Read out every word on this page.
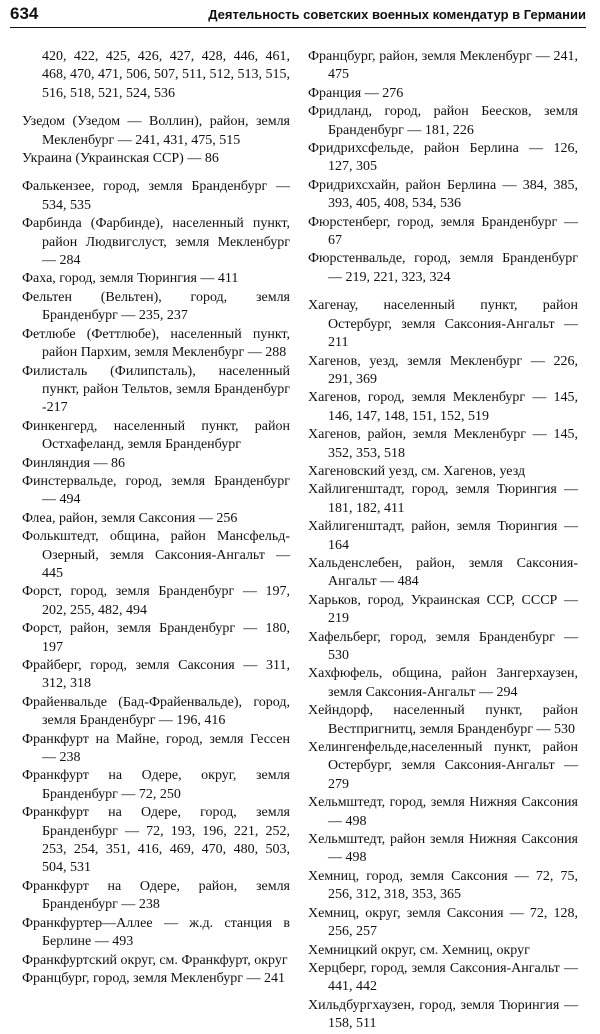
634	Деятельность советских военных комендатур в Германии

420, 422, 425, 426, 427, 428, 446, 461, 468, 470, 471, 506, 507, 511, 512, 513, 515, 516, 518, 521, 524, 536

Узедом (Узедом — Воллин), район, земля Мекленбург — 241, 431, 475, 515

Украина (Украинская ССР) — 86

Фалькензее, город, земля Бранденбург — 534, 535

Фарбинда (Фарбинде), населенный пункт, район Людвигслуст, земля Мекленбург — 284

Фаха, город, земля Тюрингия — 411

Фельтен (Вельтен), город, земля Бранденбург — 235, 237

Фетлюбе (Феттлюбе), населенный пункт, район Пархим, земля Мекленбург — 288

Филисталь (Филипсталь), населенный пункт, район Тельтов, земля Бранденбург -217

Финкенгерд, населенный пункт, район Остхафеланд, земля Бранденбург

Финляндия — 86

Финстервальде, город, земля Бранденбург — 494

Флеа, район, земля Саксония — 256

Фолькштедт, община, район Мансфельд-Озерный, земля Саксония-Ангальт — 445

Форст, город, земля Бранденбург — 197, 202, 255, 482, 494

Форст, район, земля Бранденбург — 180, 197

Фрайберг, город, земля Саксония — 311, 312, 318

Фрайенвальде (Бад-Фрайенвальде), город, земля Бранденбург — 196, 416

Франкфурт на Майне, город, земля Гессен — 238

Франкфурт на Одере, округ, земля Бранденбург — 72, 250

Франкфурт на Одере, город, земля Бранденбург — 72, 193, 196, 221, 252, 253, 254, 351, 416, 469, 470, 480, 503, 504, 531

Франкфурт на Одере, район, земля Бранденбург — 238

Франкфуртер—Аллее — ж.д. станция в Берлине — 493

Франкфуртский округ, см. Франкфурт, округ

Францбург, город, земля Мекленбург — 241

Францбург, район, земля Мекленбург — 241, 475

Франция — 276

Фридланд, город, район Беесков, земля Бранденбург — 181, 226

Фридрихсфельде, район Берлина — 126, 127, 305

Фридрихсхайн, район Берлина — 384, 385, 393, 405, 408, 534, 536

Фюрстенберг, город, земля Бранденбург — 67

Фюрстенвальде, город, земля Бранденбург — 219, 221, 323, 324

Хагенау, населенный пункт, район Остербург, земля Саксония-Ангальт — 211

Хагенов, уезд, земля Мекленбург — 226, 291, 369

Хагенов, город, земля Мекленбург — 145, 146, 147, 148, 151, 152, 519

Хагенов, район, земля Мекленбург — 145, 352, 353, 518

Хагеновский уезд, см. Хагенов, уезд

Хайлигенштадт, город, земля Тюрингия — 181, 182, 411

Хайлигенштадт, район, земля Тюрингия — 164

Хальденслебен, район, земля Саксония-Ангальт — 484

Харьков, город, Украинская ССР, СССР — 219

Хафельберг, город, земля Бранденбург — 530

Хахфюфель, община, район Зангерхаузен, земля Саксония-Ангальт — 294

Хейндорф, населенный пункт, район Вестпригнитц, земля Бранденбург — 530

Хелингенфельде,населенный пункт, район Остербург, земля Саксония-Ангальт — 279

Хельмштедт, город, земля Нижняя Саксония — 498

Хельмштедт, район земля Нижняя Саксония — 498

Хемниц, город, земля Саксония — 72, 75, 256, 312, 318, 353, 365

Хемниц, округ, земля Саксония — 72, 128, 256, 257

Хемницкий округ, см. Хемниц, округ

Херцберг, город, земля Саксония-Ангальт — 441, 442

Хильдбургхаузен, город, земля Тюрингия — 158, 511
